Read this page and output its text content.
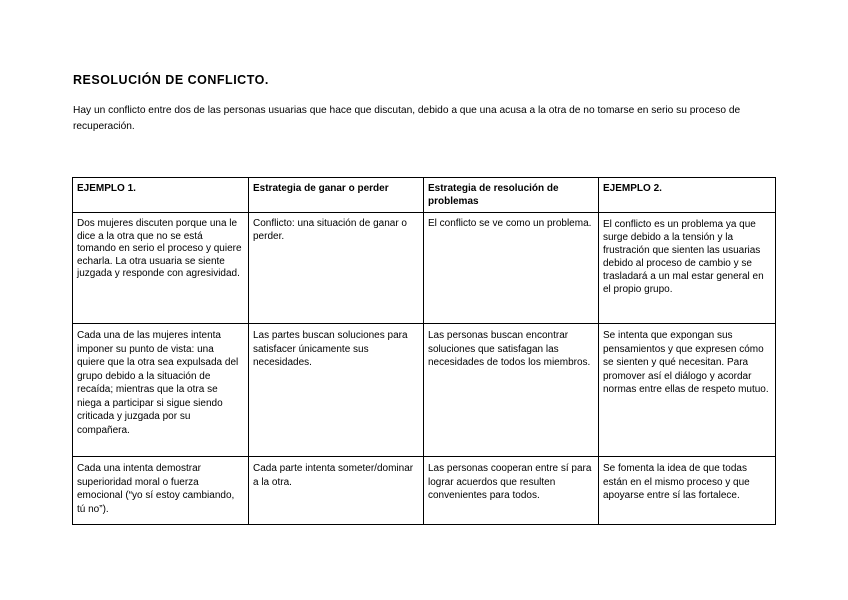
RESOLUCIÓN DE CONFLICTO.

Hay un conflicto entre dos de las personas usuarias que hace que discutan, debido a que una acusa a la otra de no tomarse en serio su proceso de recuperación.

EJEMPLO 1.	Estrategia de ganar o perder	Estrategia de resolución de problemas	EJEMPLO 2.
Dos mujeres discuten porque una le dice a la otra que no se está tomando en serio el proceso y quiere echarla. La otra usuaria se siente juzgada y responde con agresividad.	Conflicto: una situación de ganar o perder.	El conflicto se ve como un problema.	El conflicto es un problema ya que surge debido a la tensión y la frustración que sienten las usuarias debido al proceso de cambio y se trasladará a un mal estar general en el propio grupo.
Cada una de las mujeres intenta imponer su punto de vista: una quiere que la otra sea expulsada del grupo debido a la situación de recaída; mientras que la otra se niega a participar si sigue siendo criticada y juzgada por su compañera.	Las partes buscan soluciones para satisfacer únicamente sus necesidades.	Las personas buscan encontrar soluciones que satisfagan las necesidades de todos los miembros.	Se intenta que expongan sus pensamientos y que expresen cómo se sienten y qué necesitan. Para promover así el diálogo y acordar normas entre ellas de respeto mutuo.
Cada una intenta demostrar superioridad moral o fuerza emocional (“yo sí estoy cambiando, tú no”).	Cada parte intenta someter/dominar a la otra.	Las personas cooperan entre sí para lograr acuerdos que resulten convenientes para todos.	Se fomenta la idea de que todas están en el mismo proceso y que apoyarse entre sí las fortalece.
